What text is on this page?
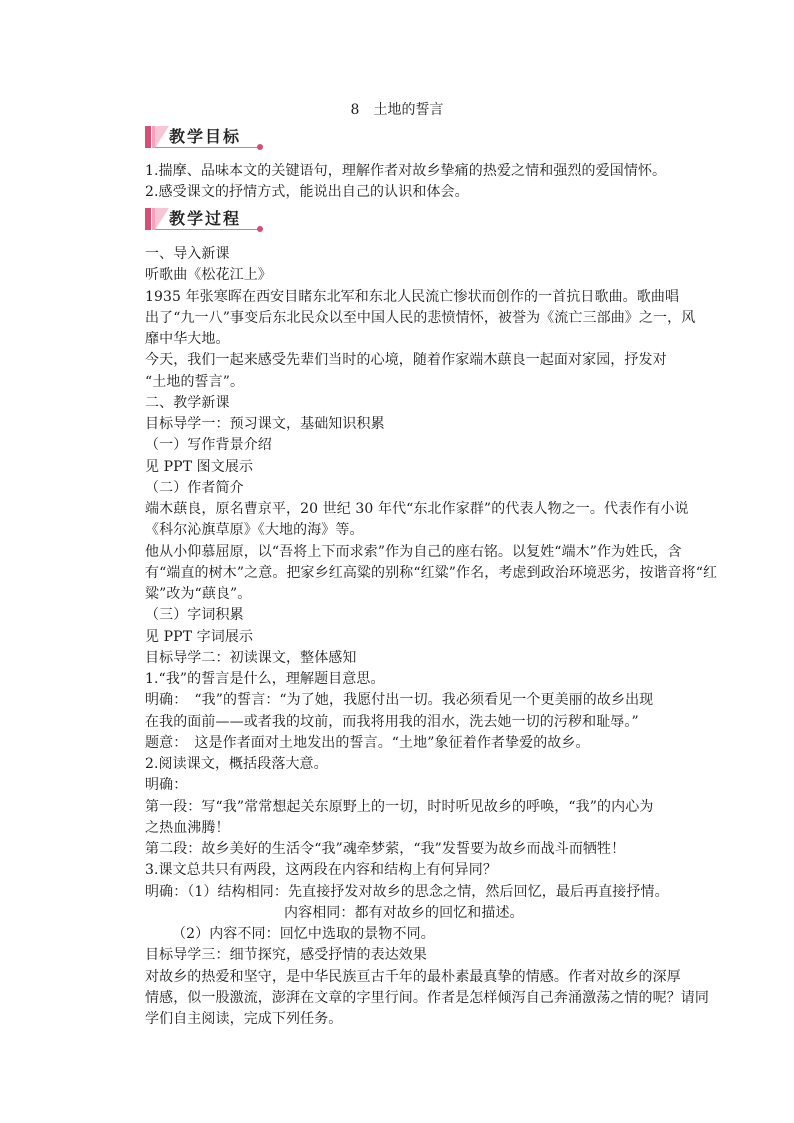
8　土地的誓言
教学目标
1.揣摩、品味本文的关键语句，理解作者对故乡挚痛的热爱之情和强烈的爱国情怀。
2.感受课文的抒情方式，能说出自己的认识和体会。
教学过程
一、导入新课
听歌曲《松花江上》
1935 年张寒晖在西安目睹东北军和东北人民流亡惨状而创作的一首抗日歌曲。歌曲唱
出了“九一八”事变后东北民众以至中国人民的悲愤情怀，被誉为《流亡三部曲》之一，风
靡中华大地。
今天，我们一起来感受先辈们当时的心境，随着作家端木蕻良一起面对家园，抒发对
“土地的誓言”。
二、教学新课
目标导学一：预习课文，基础知识积累
（一）写作背景介绍
见 PPT 图文展示
（二）作者简介
端木蕻良，原名曹京平，20 世纪 30 年代“东北作家群”的代表人物之一。代表作有小说
《科尔沁旗草原》《大地的海》等。
他从小仰慕屈原，以“吾将上下而求索”作为自己的座右铭。以复姓“端木”作为姓氏，含
有“端直的树木”之意。把家乡红高粱的别称“红粱”作名，考虑到政治环境恶劣，按谐音将“红
粱”改为“蕻良”。
（三）字词积累
见 PPT 字词展示
目标导学二：初读课文，整体感知
1.“我”的誓言是什么，理解题目意思。
明确：　“我”的誓言：“为了她，我愿付出一切。我必须看见一个更美丽的故乡出现
在我的面前——或者我的坟前，而我将用我的泪水，洗去她一切的污秽和耻辱。”
题意：　这是作者面对土地发出的誓言。“土地”象征着作者挚爱的故乡。
2.阅读课文，概括段落大意。
明确：
第一段：写“我”常常想起关东原野上的一切，时时听见故乡的呼唤，“我”的内心为
之热血沸腾！
第二段：故乡美好的生活令“我”魂牵梦萦，“我”发誓要为故乡而战斗而牺牲！
3.课文总共只有两段，这两段在内容和结构上有何异同？
明确：（1）结构相同：先直接抒发对故乡的思念之情，然后回忆，最后再直接抒情。
内容相同：都有对故乡的回忆和描述。
（2）内容不同：回忆中选取的景物不同。
目标导学三：细节探究，感受抒情的表达效果
对故乡的热爱和坚守，是中华民族亘古千年的最朴素最真挚的情感。作者对故乡的深厚
情感，似一股激流，澎湃在文章的字里行间。作者是怎样倾泻自己奔涌激荡之情的呢？请同
学们自主阅读，完成下列任务。
